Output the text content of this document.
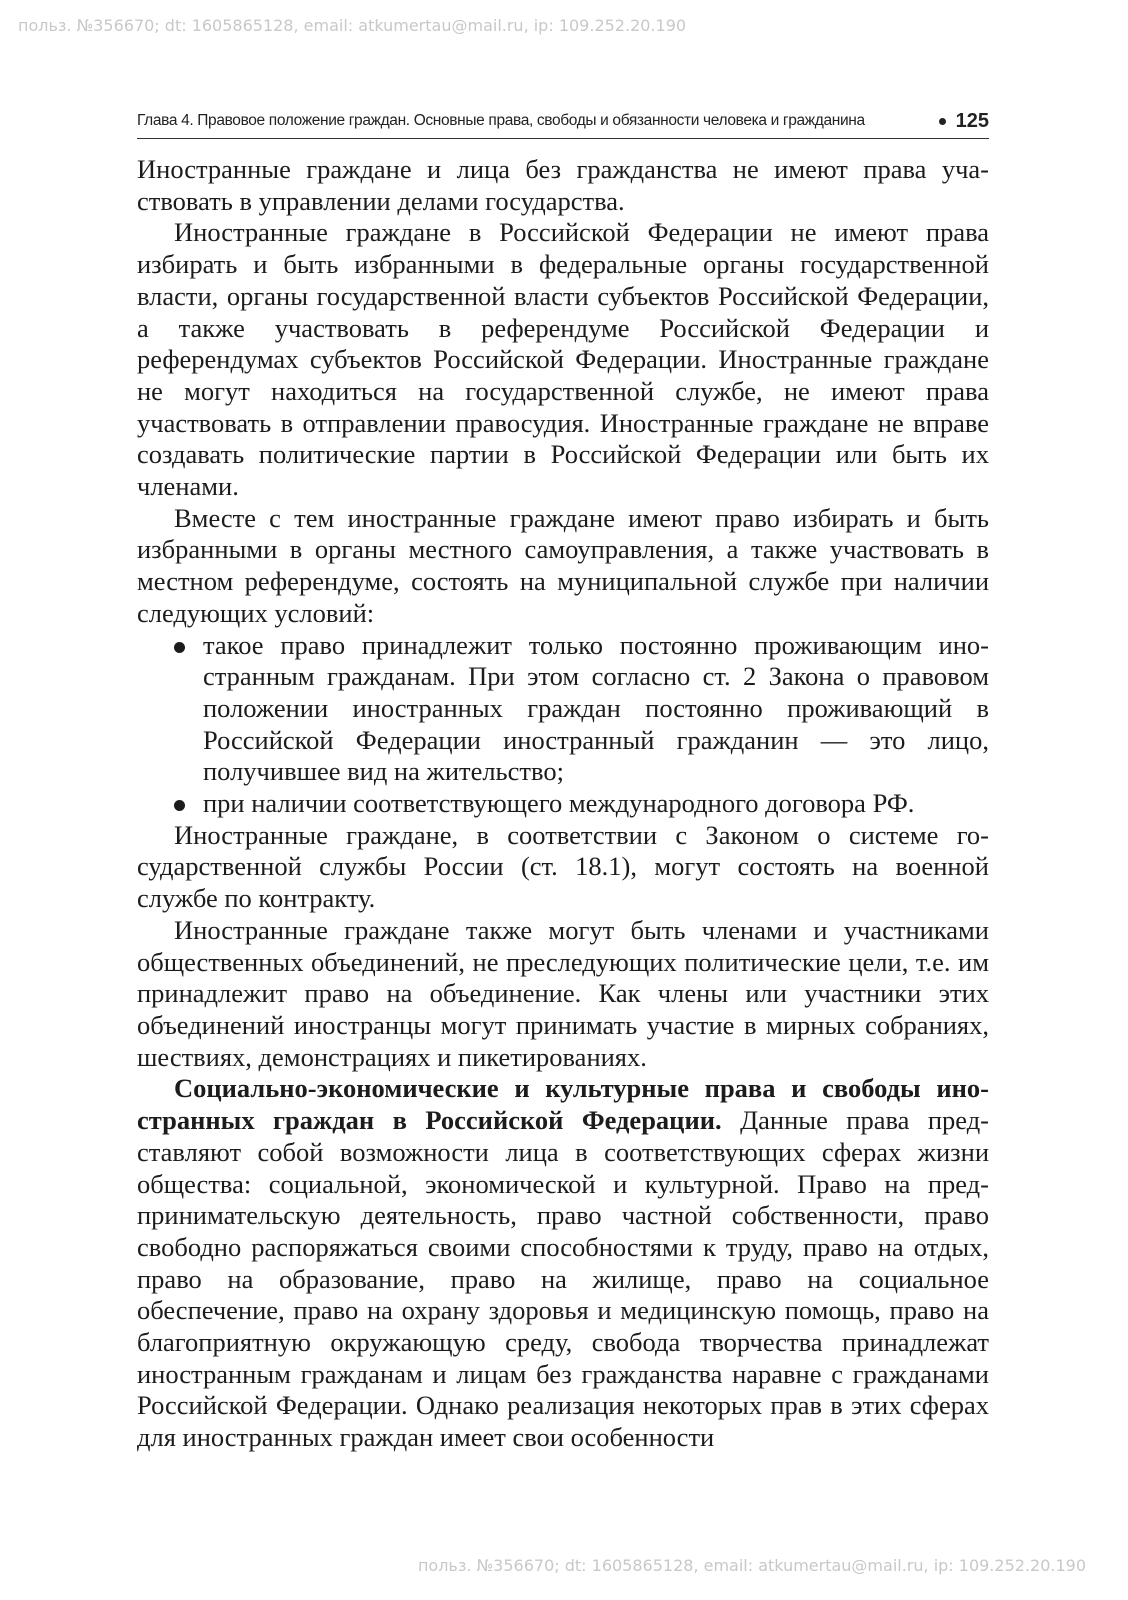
польз. №356670; dt: 1605865128, email: atkumertau@mail.ru, ip: 109.252.20.190
Глава 4. Правовое положение граждан. Основные права, свободы и обязанности человека и гражданина	125

Иностранные граждане и лица без гражданства не имеют права участвовать в управлении делами государства.

Иностранные граждане в Российской Федерации не имеют права избирать и быть избранными в федеральные органы государственной власти, органы государственной власти субъектов Российской Федерации, а также участвовать в референдуме Российской Федерации и референдумах субъектов Российской Федерации. Иностранные граждане не могут находиться на государственной службе, не имеют права участвовать в отправлении правосудия. Иностранные граждане не вправе создавать политические партии в Российской Федерации или быть их членами.

Вместе с тем иностранные граждане имеют право избирать и быть избранными в органы местного самоуправления, а также участвовать в местном референдуме, состоять на муниципальной службе при наличии следующих условий:

такое право принадлежит только постоянно проживающим иностранным гражданам. При этом согласно ст. 2 Закона о правовом положении иностранных граждан постоянно проживающий в Российской Федерации иностранный гражданин — это лицо, получившее вид на жительство;
при наличии соответствующего международного договора РФ.

Иностранные граждане, в соответствии с Законом о системе государственной службы России (ст. 18.1), могут состоять на военной службе по контракту.

Иностранные граждане также могут быть членами и участниками общественных объединений, не преследующих политические цели, т.е. им принадлежит право на объединение. Как члены или участники этих объединений иностранцы могут принимать участие в мирных собраниях, шествиях, демонстрациях и пикетированиях.

Социально-экономические и культурные права и свободы иностранных граждан в Российской Федерации. Данные права представляют собой возможности лица в соответствующих сферах жизни общества: социальной, экономической и культурной. Право на предпринимательскую деятельность, право частной собственности, право свободно распоряжаться своими способностями к труду, право на отдых, право на образование, право на жилище, право на социальное обеспечение, право на охрану здоровья и медицинскую помощь, право на благоприятную окружающую среду, свобода творчества принадлежат иностранным гражданам и лицам без гражданства наравне с гражданами Российской Федерации. Однако реализация некоторых прав в этих сферах для иностранных граждан имеет свои особенности

польз. №356670; dt: 1605865128, email: atkumertau@mail.ru, ip: 109.252.20.190
